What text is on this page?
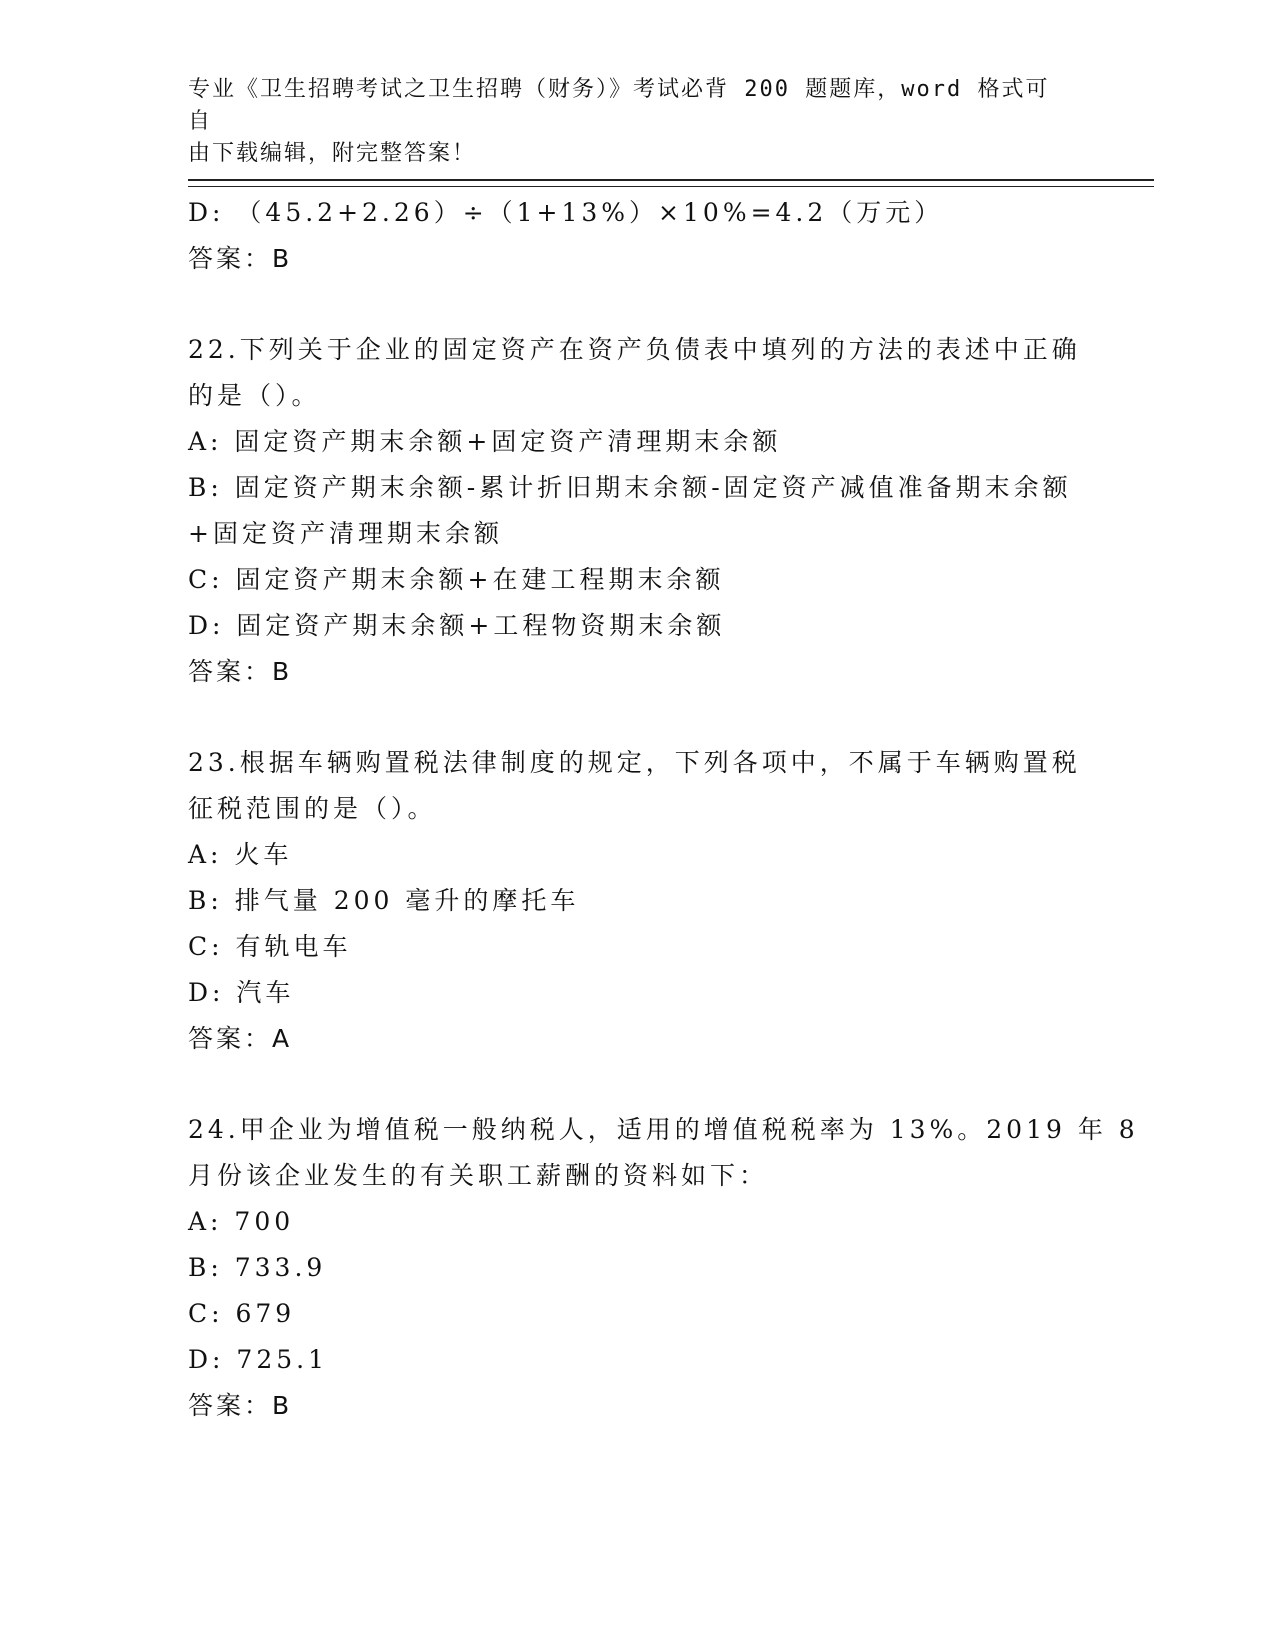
专业《卫生招聘考试之卫生招聘（财务）》考试必背 200 题题库，word 格式可自
由下载编辑，附完整答案！
D: （45.2+2.26）÷（1+13%）×10%=4.2（万元）
答案：B
22.下列关于企业的固定资产在资产负债表中填列的方法的表述中正确
的是（）。
A: 固定资产期末余额+固定资产清理期末余额
B: 固定资产期末余额-累计折旧期末余额-固定资产减值准备期末余额
+固定资产清理期末余额
C: 固定资产期末余额+在建工程期末余额
D: 固定资产期末余额+工程物资期末余额
答案：B
23.根据车辆购置税法律制度的规定，下列各项中，不属于车辆购置税
征税范围的是（）。
A: 火车
B: 排气量 200 毫升的摩托车
C: 有轨电车
D: 汽车
答案：A
24.甲企业为增值税一般纳税人，适用的增值税税率为 13%。2019 年 8
月份该企业发生的有关职工薪酬的资料如下：
A: 700
B: 733.9
C: 679
D: 725.1
答案：B
